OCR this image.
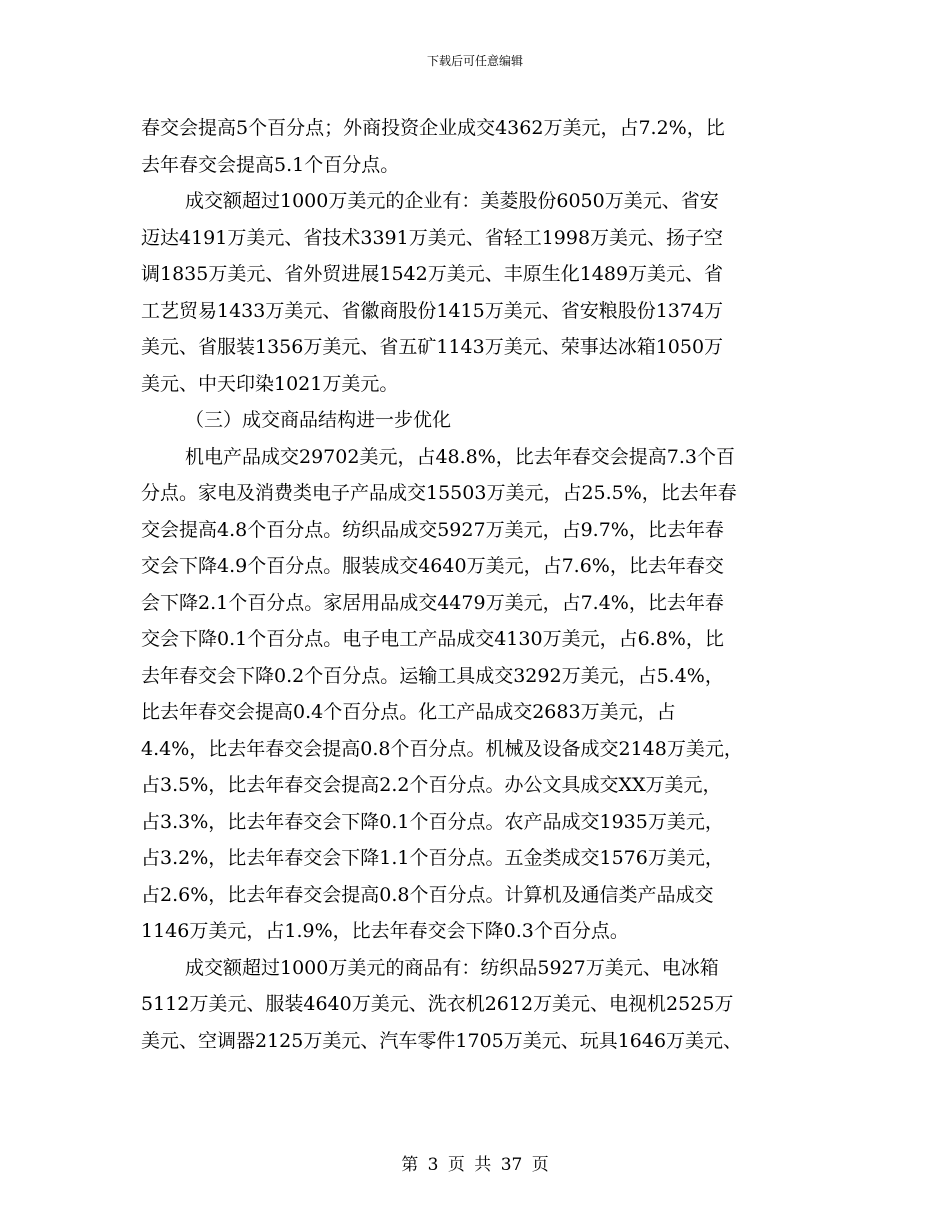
下载后可任意编辑
春交会提高5个百分点；外商投资企业成交4362万美元，占7.2%，比
去年春交会提高5.1个百分点。
成交额超过1000万美元的企业有：美菱股份6050万美元、省安
迈达4191万美元、省技术3391万美元、省轻工1998万美元、扬子空
调1835万美元、省外贸进展1542万美元、丰原生化1489万美元、省
工艺贸易1433万美元、省徽商股份1415万美元、省安粮股份1374万
美元、省服装1356万美元、省五矿1143万美元、荣事达冰箱1050万
美元、中天印染1021万美元。
（三）成交商品结构进一步优化
机电产品成交29702美元，占48.8%，比去年春交会提高7.3个百
分点。家电及消费类电子产品成交15503万美元，占25.5%，比去年春
交会提高4.8个百分点。纺织品成交5927万美元，占9.7%，比去年春
交会下降4.9个百分点。服装成交4640万美元，占7.6%，比去年春交
会下降2.1个百分点。家居用品成交4479万美元，占7.4%，比去年春
交会下降0.1个百分点。电子电工产品成交4130万美元，占6.8%，比
去年春交会下降0.2个百分点。运输工具成交3292万美元，占5.4%，
比去年春交会提高0.4个百分点。化工产品成交2683万美元，占
4.4%，比去年春交会提高0.8个百分点。机械及设备成交2148万美元，
占3.5%，比去年春交会提高2.2个百分点。办公文具成交XX万美元，
占3.3%，比去年春交会下降0.1个百分点。农产品成交1935万美元，
占3.2%，比去年春交会下降1.1个百分点。五金类成交1576万美元，
占2.6%，比去年春交会提高0.8个百分点。计算机及通信类产品成交
1146万美元，占1.9%，比去年春交会下降0.3个百分点。
成交额超过1000万美元的商品有：纺织品5927万美元、电冰箱
5112万美元、服装4640万美元、洗衣机2612万美元、电视机2525万
美元、空调器2125万美元、汽车零件1705万美元、玩具1646万美元、
第 3 页 共 37 页
